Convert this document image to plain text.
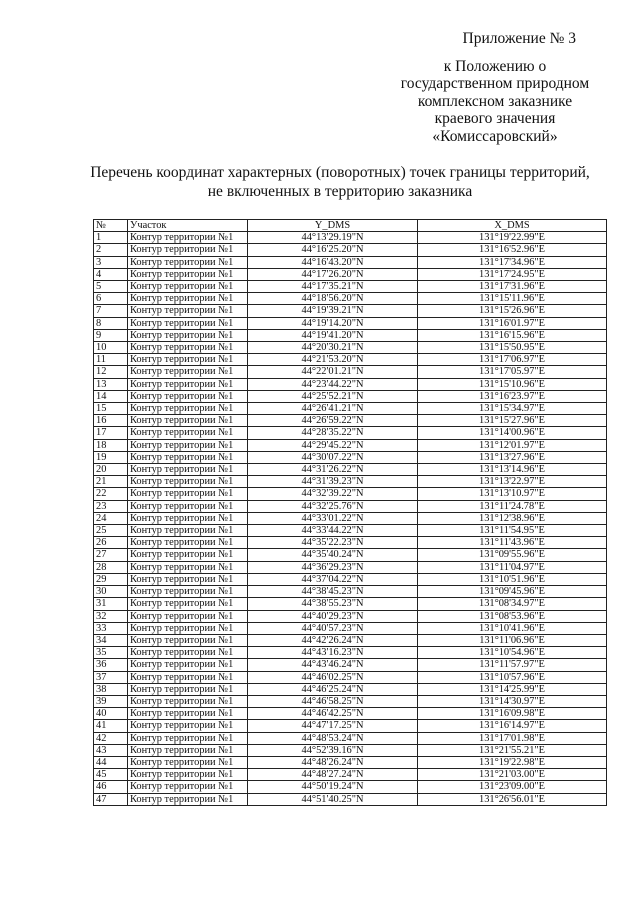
Приложение № 3
к Положению о
государственном природном
комплексном заказнике
краевого значения
«Комиссаровский»
Перечень координат характерных (поворотных) точек границы территорий,
не включенных в территорию заказника
№	Участок	Y_DMS	X_DMS
1	Контур территории №1	44°13'29.19"N	131°19'22.99"E
2	Контур территории №1	44°16'25.20"N	131°16'52.96"E
3	Контур территории №1	44°16'43.20"N	131°17'34.96"E
4	Контур территории №1	44°17'26.20"N	131°17'24.95"E
5	Контур территории №1	44°17'35.21"N	131°17'31.96"E
6	Контур территории №1	44°18'56.20"N	131°15'11.96"E
7	Контур территории №1	44°19'39.21"N	131°15'26.96"E
8	Контур территории №1	44°19'14.20"N	131°16'01.97"E
9	Контур территории №1	44°19'41.20"N	131°16'15.96"E
10	Контур территории №1	44°20'30.21"N	131°15'50.95"E
11	Контур территории №1	44°21'53.20"N	131°17'06.97"E
12	Контур территории №1	44°22'01.21"N	131°17'05.97"E
13	Контур территории №1	44°23'44.22"N	131°15'10.96"E
14	Контур территории №1	44°25'52.21"N	131°16'23.97"E
15	Контур территории №1	44°26'41.21"N	131°15'34.97"E
16	Контур территории №1	44°26'59.22"N	131°15'27.96"E
17	Контур территории №1	44°28'35.22"N	131°14'00.96"E
18	Контур территории №1	44°29'45.22"N	131°12'01.97"E
19	Контур территории №1	44°30'07.22"N	131°13'27.96"E
20	Контур территории №1	44°31'26.22"N	131°13'14.96"E
21	Контур территории №1	44°31'39.23"N	131°13'22.97"E
22	Контур территории №1	44°32'39.22"N	131°13'10.97"E
23	Контур территории №1	44°32'25.76"N	131°11'24.78"E
24	Контур территории №1	44°33'01.22"N	131°12'38.96"E
25	Контур территории №1	44°33'44.22"N	131°11'54.95"E
26	Контур территории №1	44°35'22.23"N	131°11'43.96"E
27	Контур территории №1	44°35'40.24"N	131°09'55.96"E
28	Контур территории №1	44°36'29.23"N	131°11'04.97"E
29	Контур территории №1	44°37'04.22"N	131°10'51.96"E
30	Контур территории №1	44°38'45.23"N	131°09'45.96"E
31	Контур территории №1	44°38'55.23"N	131°08'34.97"E
32	Контур территории №1	44°40'29.23"N	131°08'53.96"E
33	Контур территории №1	44°40'57.23"N	131°10'41.96"E
34	Контур территории №1	44°42'26.24"N	131°11'06.96"E
35	Контур территории №1	44°43'16.23"N	131°10'54.96"E
36	Контур территории №1	44°43'46.24"N	131°11'57.97"E
37	Контур территории №1	44°46'02.25"N	131°10'57.96"E
38	Контур территории №1	44°46'25.24"N	131°14'25.99"E
39	Контур территории №1	44°46'58.25"N	131°14'30.97"E
40	Контур территории №1	44°46'42.25"N	131°16'09.98"E
41	Контур территории №1	44°47'17.25"N	131°16'14.97"E
42	Контур территории №1	44°48'53.24"N	131°17'01.98"E
43	Контур территории №1	44°52'39.16"N	131°21'55.21"E
44	Контур территории №1	44°48'26.24"N	131°19'22.98"E
45	Контур территории №1	44°48'27.24"N	131°21'03.00"E
46	Контур территории №1	44°50'19.24"N	131°23'09.00"E
47	Контур территории №1	44°51'40.25"N	131°26'56.01"E
